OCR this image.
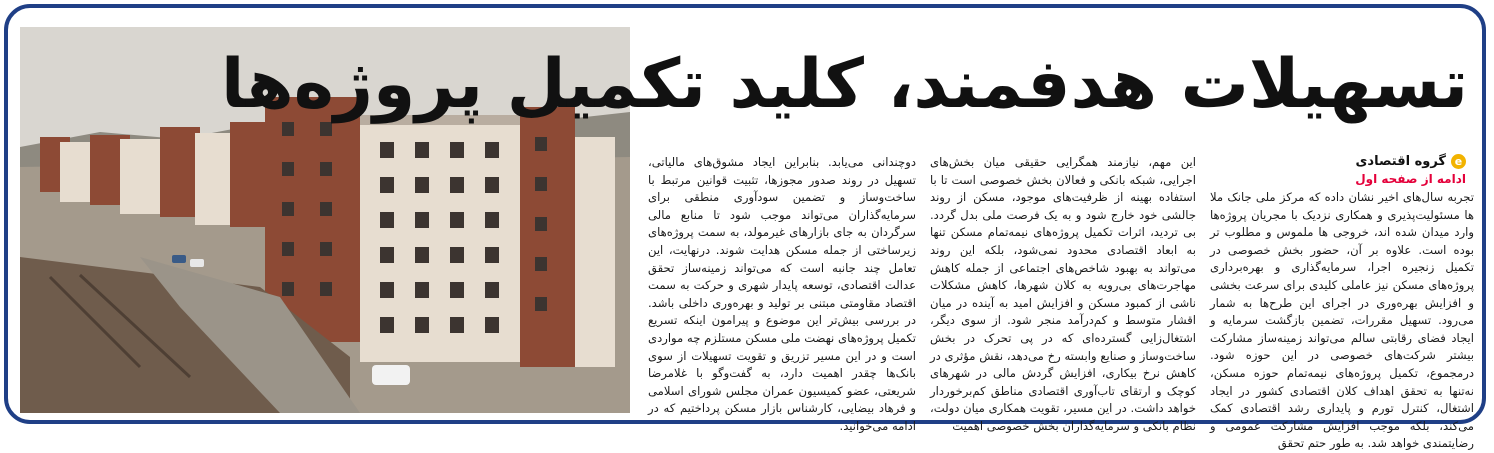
تسهیلات هدفمند، کلید تکمیل پروژه‌ها
e
گروه اقتصادی
ادامه از صفحه اول
تجربه سال‌های اخیر نشان داده که مرکز ملی جانک ملا ها مسئولیت‌پذیری و همکاری نزدیک با مجریان پروژه‌ها وارد میدان شده اند، خروجی ها ملموس و مطلوب تر بوده است. علاوه بر آن، حضور بخش خصوصی در تکمیل زنجیره اجرا، سرمایه‌گذاری و بهره‌برداری پروژه‌های مسکن نیز عاملی کلیدی برای سرعت بخشی و افزایش بهره‌وری در اجرای این طرح‌ها به شمار می‌رود. تسهیل مقررات، تضمین بازگشت سرمایه و ایجاد فضای رقابتی سالم می‌تواند زمینه‌ساز مشارکت بیشتر شرکت‌های خصوصی در این حوزه شود. درمجموع، تکمیل پروژه‌های نیمه‌تمام حوزه مسکن، نه‌تنها به تحقق اهداف کلان اقتصادی کشور در ایجاد اشتغال، کنترل تورم و پایداری رشد اقتصادی کمک می‌کند، بلکه موجب افزایش مشارکت عمومی و رضایتمندی خواهد شد. به طور حتم تحقق
این مهم، نیازمند همگرایی حقیقی میان بخش‌های اجرایی، شبکه بانکی و فعالان بخش خصوصی است تا با استفاده بهینه از ظرفیت‌های موجود، مسکن از روند جالشی خود خارج شود و به یک فرصت ملی بدل گردد. بی تردید، اثرات تکمیل پروژه‌های نیمه‌تمام مسکن تنها به ابعاد اقتصادی محدود نمی‌شود، بلکه این روند می‌تواند به بهبود شاخص‌های اجتماعی از جمله کاهش مهاجرت‌های بی‌رویه به کلان شهرها، کاهش مشکلات ناشی از کمبود مسکن و افزایش امید به آینده در میان اقشار متوسط و کم‌درآمد منجر شود. از سوی دیگر، اشتغال‌زایی گسترده‌ای که در پی تحرک در بخش ساخت‌وساز و صنایع وابسته رخ می‌دهد، نقش مؤثری در کاهش نرخ بیکاری، افزایش گردش مالی در شهرهای کوچک و ارتقای تاب‌آوری اقتصادی مناطق کم‌برخوردار خواهد داشت. در این مسیر، تقویت همکاری میان دولت، نظام بانکی و سرمایه‌گذاران بخش خصوصی اهمیت
دوچندانی می‌یابد. بنابراین ایجاد مشوق‌های مالیاتی، تسهیل در روند صدور مجوزها، تثبیت قوانین مرتبط با ساخت‌وساز و تضمین سودآوری منطقی برای سرمایه‌گذاران می‌تواند موجب شود تا منابع مالی سرگردان به جای بازارهای غیرمولد، به سمت پروژه‌های زیرساختی از جمله مسکن هدایت شوند. درنهایت، این تعامل چند جانبه است که می‌تواند زمینه‌ساز تحقق عدالت اقتصادی، توسعه پایدار شهری و حرکت به سمت اقتصاد مقاومتی مبتنی بر تولید و بهره‌وری داخلی باشد. در بررسی بیش‌تر این موضوع و پیرامون اینکه تسریع تکمیل پروژه‌های نهضت ملی مسکن مستلزم چه مواردی است و در این مسیر تزریق و تقویت تسهیلات از سوی بانک‌ها چقدر اهمیت دارد، به گفت‌وگو با غلامرضا شریعتی، عضو کمیسیون عمران مجلس شورای اسلامی و فرهاد بیضایی، کارشناس بازار مسکن پرداختیم که در ادامه می‌خوانید.
